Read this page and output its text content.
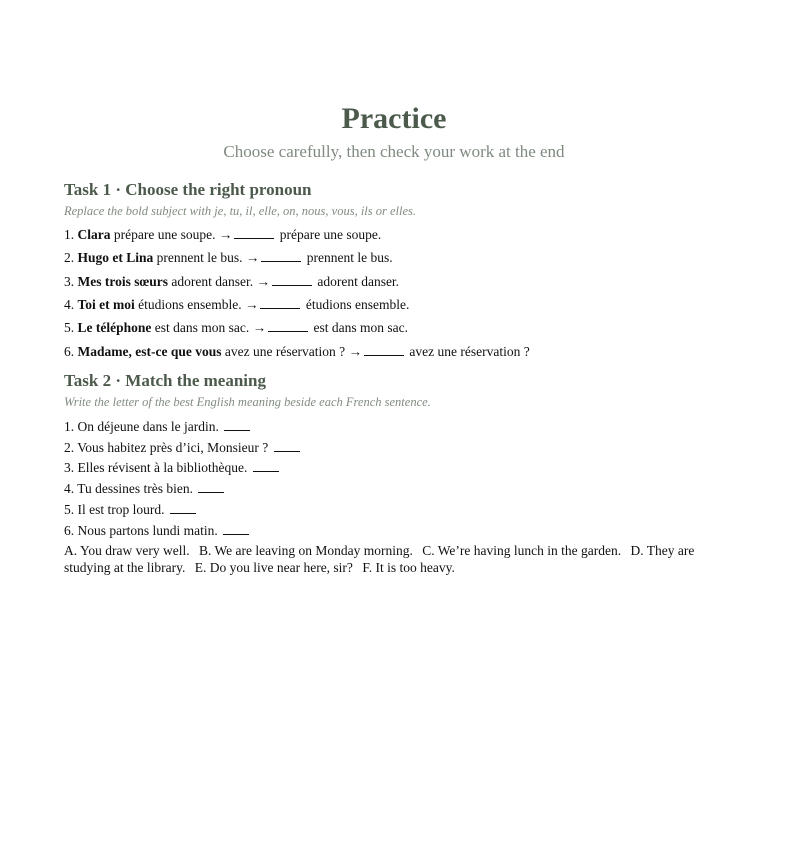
Practice
Choose carefully, then check your work at the end
Task 1 · Choose the right pronoun
Replace the bold subject with je, tu, il, elle, on, nous, vous, ils or elles.
1. Clara prépare une soupe. →	prépare une soupe.
2. Hugo et Lina prennent le bus. →	prennent le bus.
3. Mes trois sœurs adorent danser. →	adorent danser.
4. Toi et moi étudions ensemble. →	étudions ensemble.
5. Le téléphone est dans mon sac. →	est dans mon sac.
6. Madame, est-ce que vous avez une réservation ? →	avez une réservation ?
Task 2 · Match the meaning
Write the letter of the best English meaning beside each French sentence.
1. On déjeune dans le jardin.
2. Vous habitez près d’ici, Monsieur ?
3. Elles révisent à la bibliothèque.
4. Tu dessines très bien.
5. Il est trop lourd.
6. Nous partons lundi matin.
A. You draw very well. B. We are leaving on Monday morning. C. We’re having lunch in the garden. D. They are studying at the library. E. Do you live near here, sir? F. It is too heavy.
